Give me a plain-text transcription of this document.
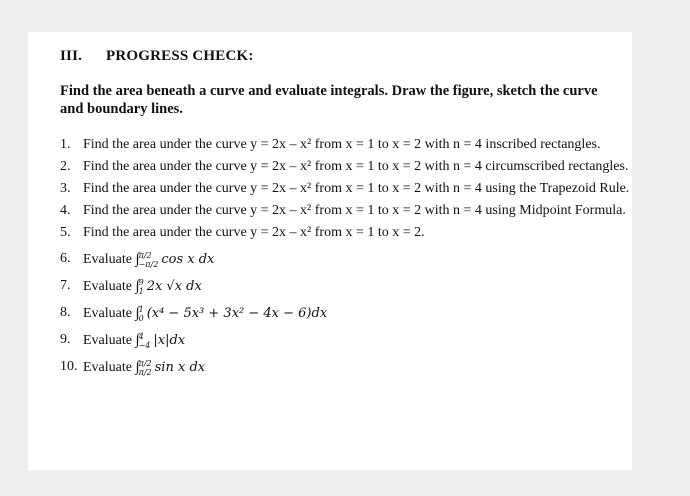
III. PROGRESS CHECK:
Find the area beneath a curve and evaluate integrals. Draw the figure, sketch the curve and boundary lines.
1. Find the area under the curve y = 2x – x² from x = 1 to x = 2 with n = 4 inscribed rectangles.
2. Find the area under the curve y = 2x – x² from x = 1 to x = 2 with n = 4 circumscribed rectangles.
3. Find the area under the curve y = 2x – x² from x = 1 to x = 2 with n = 4 using the Trapezoid Rule.
4. Find the area under the curve y = 2x – x² from x = 1 to x = 2 with n = 4 using Midpoint Formula.
5. Find the area under the curve y = 2x – x² from x = 1 to x = 2.
6. Evaluate ∫ π/2
−π/2 cos x dx
7. Evaluate ∫ 9
1 2x √x dx
8. Evaluate ∫ 1
0 (x⁴ − 5x³ + 3x² − 4x − 6)dx
9. Evaluate ∫ 4
−4 |x|dx
10. Evaluate ∫ π/2
π/2 sin x dx
